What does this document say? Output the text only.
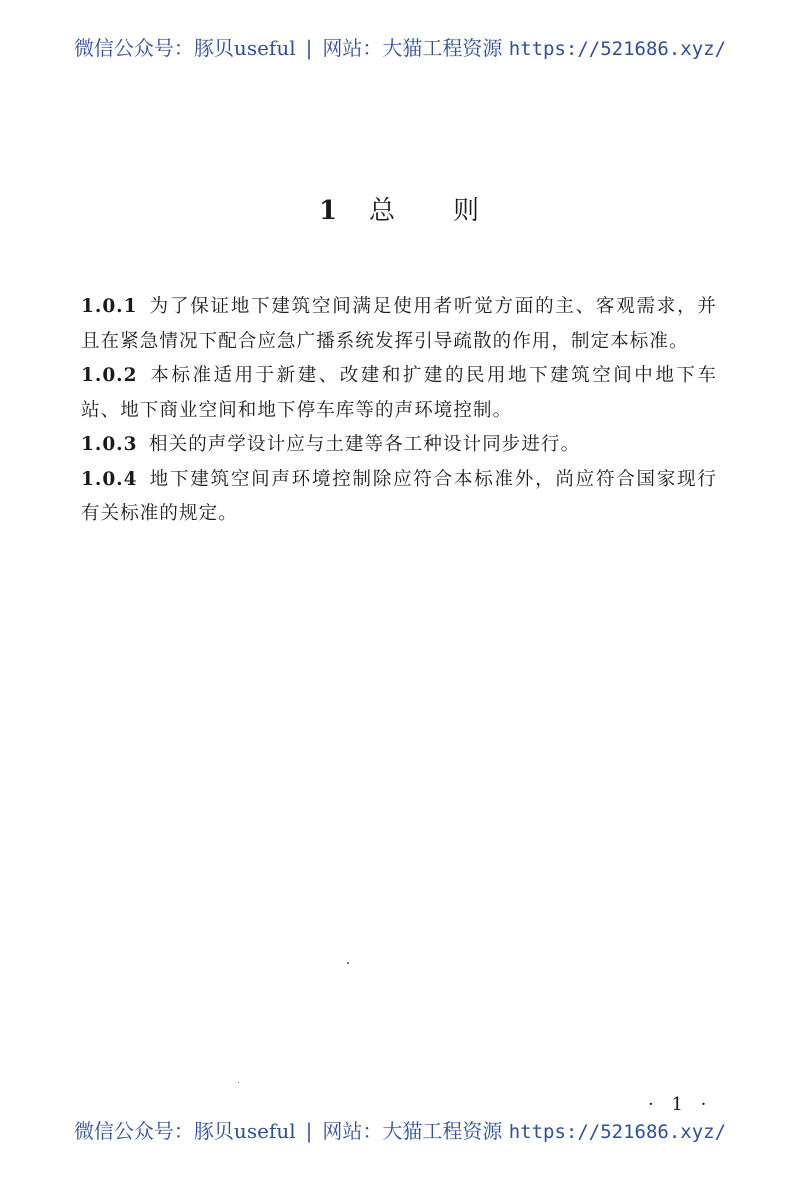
微信公众号：豚贝useful | 网站：大猫工程资源 https://521686.xyz/
1 总 则

1.0.1 为了保证地下建筑空间满足使用者听觉方面的主、客观需求，并且在紧急情况下配合应急广播系统发挥引导疏散的作用，制定本标准。

1.0.2 本标准适用于新建、改建和扩建的民用地下建筑空间中地下车站、地下商业空间和地下停车库等的声环境控制。

1.0.3 相关的声学设计应与土建等各工种设计同步进行。

1.0.4 地下建筑空间声环境控制除应符合本标准外，尚应符合国家现行有关标准的规定。

· 1 ·
微信公众号：豚贝useful | 网站：大猫工程资源 https://521686.xyz/
